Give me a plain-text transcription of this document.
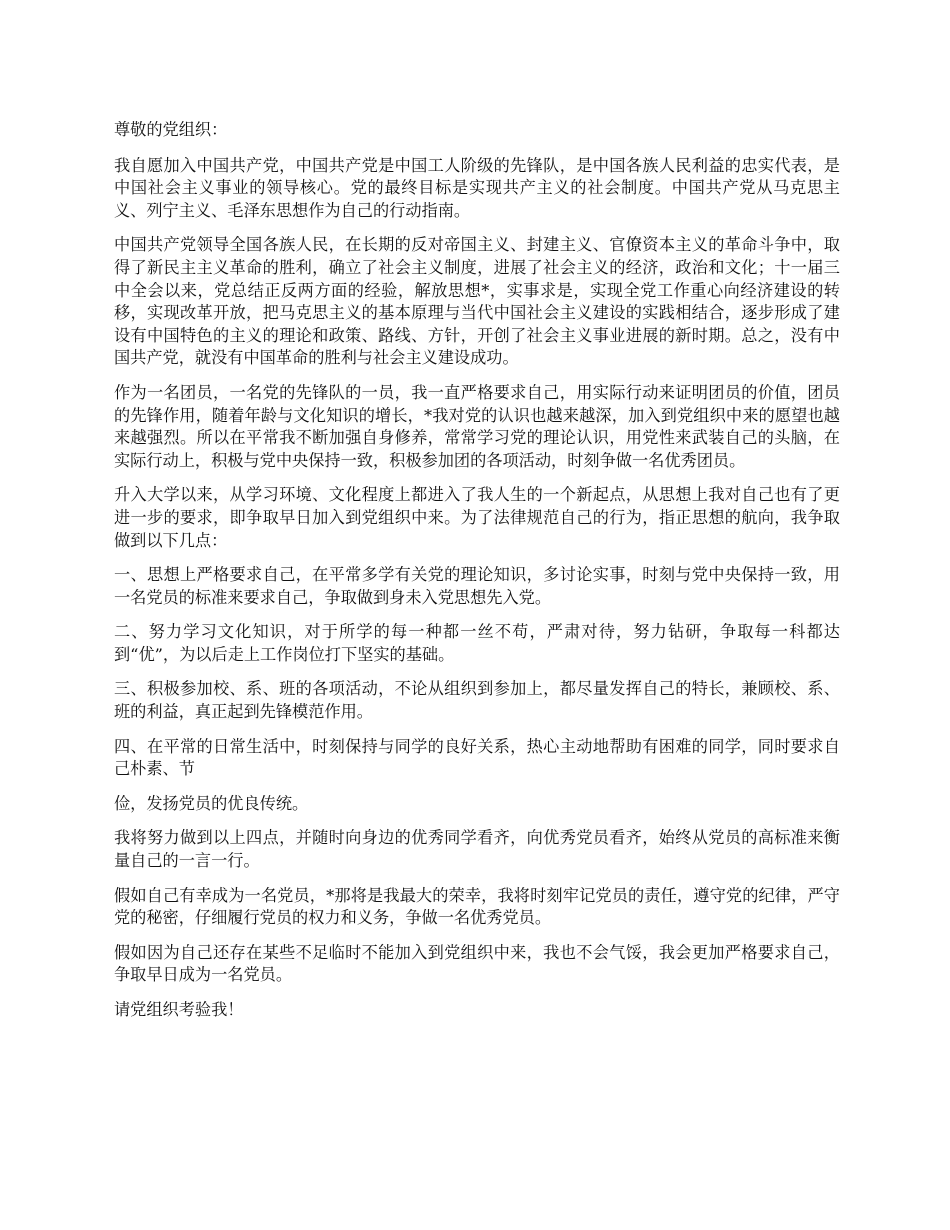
尊敬的党组织：

我自愿加入中国共产党，中国共产党是中国工人阶级的先锋队，是中国各族人民利益的忠实代表，是中国社会主义事业的领导核心。党的最终目标是实现共产主义的社会制度。中国共产党从马克思主义、列宁主义、毛泽东思想作为自己的行动指南。

中国共产党领导全国各族人民，在长期的反对帝国主义、封建主义、官僚资本主义的革命斗争中，取得了新民主主义革命的胜利，确立了社会主义制度，进展了社会主义的经济，政治和文化；十一届三中全会以来，党总结正反两方面的经验，解放思想*，实事求是，实现全党工作重心向经济建设的转移，实现改革开放，把马克思主义的基本原理与当代中国社会主义建设的实践相结合，逐步形成了建设有中国特色的主义的理论和政策、路线、方针，开创了社会主义事业进展的新时期。总之，没有中国共产党，就没有中国革命的胜利与社会主义建设成功。

作为一名团员，一名党的先锋队的一员，我一直严格要求自己，用实际行动来证明团员的价值，团员的先锋作用，随着年龄与文化知识的增长，*我对党的认识也越来越深，加入到党组织中来的愿望也越来越强烈。所以在平常我不断加强自身修养，常常学习党的理论认识，用党性来武装自己的头脑，在实际行动上，积极与党中央保持一致，积极参加团的各项活动，时刻争做一名优秀团员。

升入大学以来，从学习环境、文化程度上都进入了我人生的一个新起点，从思想上我对自己也有了更进一步的要求，即争取早日加入到党组织中来。为了法律规范自己的行为，指正思想的航向，我争取做到以下几点：

一、思想上严格要求自己，在平常多学有关党的理论知识，多讨论实事，时刻与党中央保持一致，用一名党员的标准来要求自己，争取做到身未入党思想先入党。

二、努力学习文化知识，对于所学的每一种都一丝不苟，严肃对待，努力钻研，争取每一科都达到“优”，为以后走上工作岗位打下坚实的基础。

三、积极参加校、系、班的各项活动，不论从组织到参加上，都尽量发挥自己的特长，兼顾校、系、班的利益，真正起到先锋模范作用。

四、在平常的日常生活中，时刻保持与同学的良好关系，热心主动地帮助有困难的同学，同时要求自己朴素、节

俭，发扬党员的优良传统。

我将努力做到以上四点，并随时向身边的优秀同学看齐，向优秀党员看齐，始终从党员的高标准来衡量自己的一言一行。

假如自己有幸成为一名党员，*那将是我最大的荣幸，我将时刻牢记党员的责任，遵守党的纪律，严守党的秘密，仔细履行党员的权力和义务，争做一名优秀党员。

假如因为自己还存在某些不足临时不能加入到党组织中来，我也不会气馁，我会更加严格要求自己，争取早日成为一名党员。

请党组织考验我！
